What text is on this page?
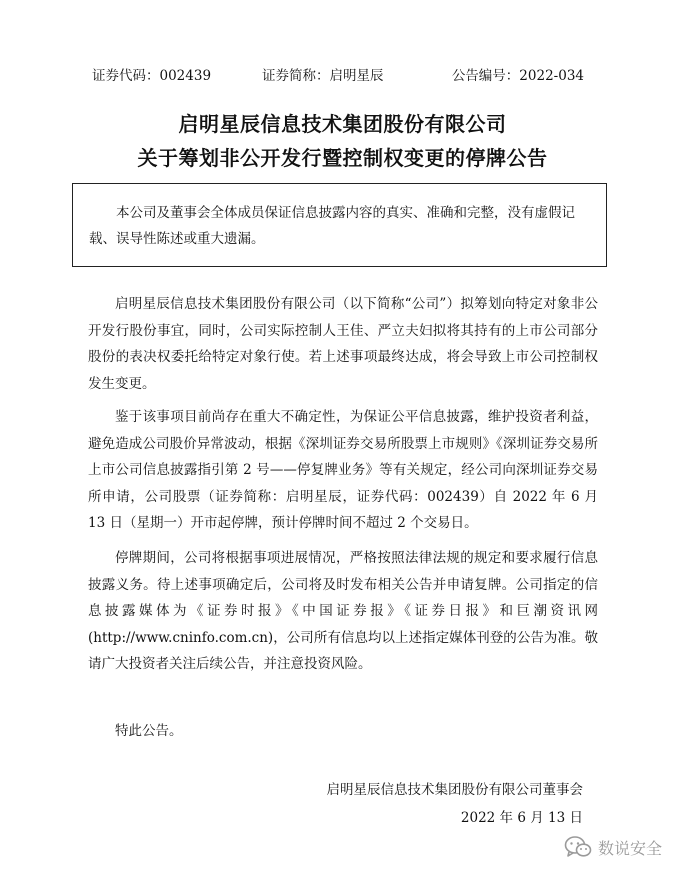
证券代码：002439	证券简称：启明星辰	公告编号：2022-034
启明星辰信息技术集团股份有限公司
关于筹划非公开发行暨控制权变更的停牌公告

本公司及董事会全体成员保证信息披露内容的真实、准确和完整，没有虚假记载、误导性陈述或重大遗漏。

启明星辰信息技术集团股份有限公司（以下简称“公司”）拟筹划向特定对象非公开发行股份事宜，同时，公司实际控制人王佳、严立夫妇拟将其持有的上市公司部分股份的表决权委托给特定对象行使。若上述事项最终达成，将会导致上市公司控制权发生变更。

鉴于该事项目前尚存在重大不确定性，为保证公平信息披露，维护投资者利益，避免造成公司股价异常波动，根据《深圳证券交易所股票上市规则》《深圳证券交易所上市公司信息披露指引第 2 号——停复牌业务》等有关规定，经公司向深圳证券交易所申请，公司股票（证券简称：启明星辰，证券代码：002439）自 2022 年 6 月 13 日（星期一）开市起停牌，预计停牌时间不超过 2 个交易日。

停牌期间，公司将根据事项进展情况，严格按照法律法规的规定和要求履行信息披露义务。待上述事项确定后，公司将及时发布相关公告并申请复牌。公司指定的信息披露媒体为《证券时报》《中国证券报》《证券日报》和巨潮资讯网(http://www.cninfo.com.cn)，公司所有信息均以上述指定媒体刊登的公告为准。敬请广大投资者关注后续公告，并注意投资风险。

特此公告。

启明星辰信息技术集团股份有限公司董事会
2022 年 6 月 13 日
数说安全
